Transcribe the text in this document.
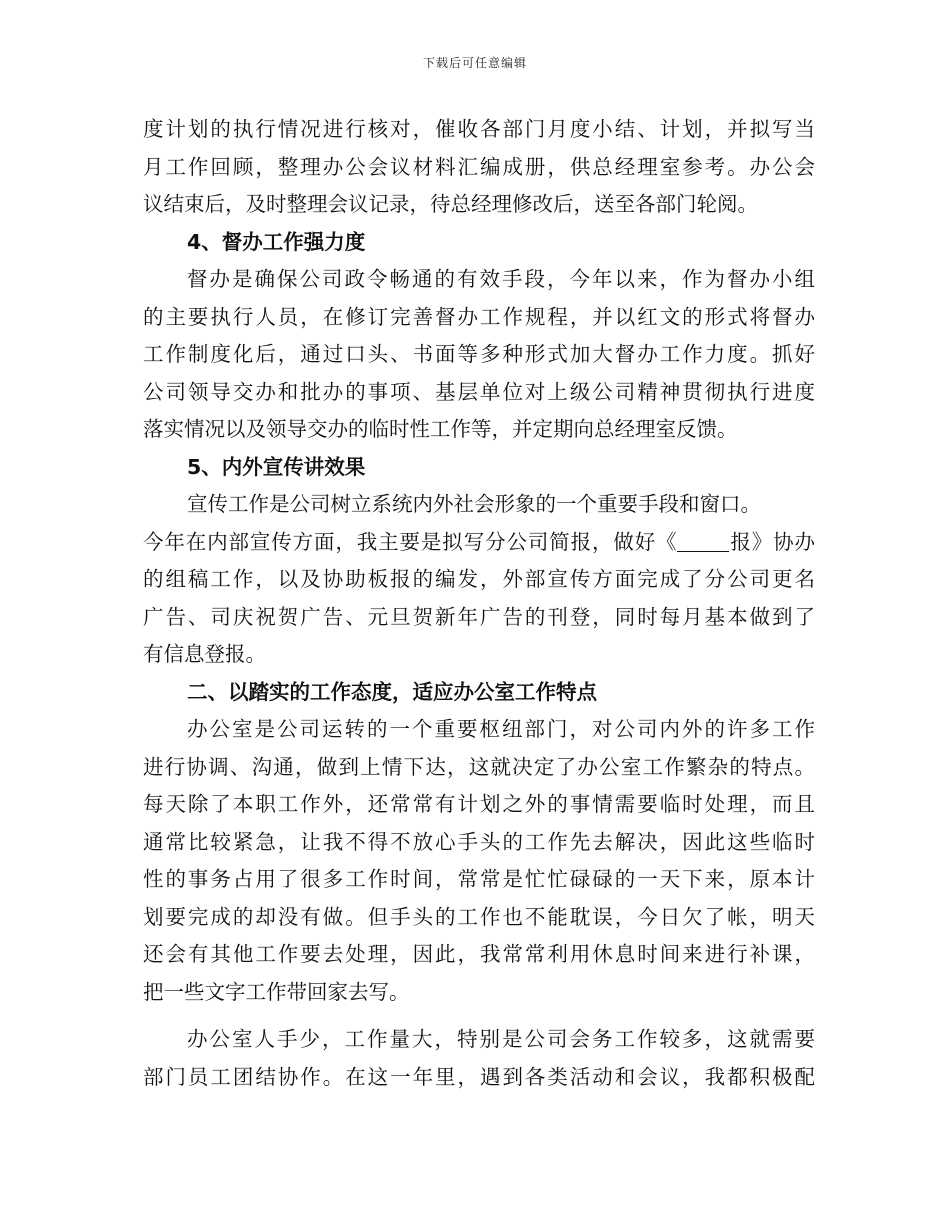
下载后可任意编辑
度计划的执行情况进行核对，催收各部门月度小结、计划，并拟写当
月工作回顾，整理办公会议材料汇编成册，供总经理室参考。办公会
议结束后，及时整理会议记录，待总经理修改后，送至各部门轮阅。
4、督办工作强力度
督办是确保公司政令畅通的有效手段，今年以来，作为督办小组
的主要执行人员，在修订完善督办工作规程，并以红文的形式将督办
工作制度化后，通过口头、书面等多种形式加大督办工作力度。抓好
公司领导交办和批办的事项、基层单位对上级公司精神贯彻执行进度
落实情况以及领导交办的临时性工作等，并定期向总经理室反馈。
5、内外宣传讲效果
宣传工作是公司树立系统内外社会形象的一个重要手段和窗口。
今年在内部宣传方面，我主要是拟写分公司简报，做好《	报》协办
的组稿工作，以及协助板报的编发，外部宣传方面完成了分公司更名
广告、司庆祝贺广告、元旦贺新年广告的刊登，同时每月基本做到了
有信息登报。
二、以踏实的工作态度，适应办公室工作特点
办公室是公司运转的一个重要枢纽部门，对公司内外的许多工作
进行协调、沟通，做到上情下达，这就决定了办公室工作繁杂的特点。
每天除了本职工作外，还常常有计划之外的事情需要临时处理，而且
通常比较紧急，让我不得不放心手头的工作先去解决，因此这些临时
性的事务占用了很多工作时间，常常是忙忙碌碌的一天下来，原本计
划要完成的却没有做。但手头的工作也不能耽误，今日欠了帐，明天
还会有其他工作要去处理，因此，我常常利用休息时间来进行补课，
把一些文字工作带回家去写。
办公室人手少，工作量大，特别是公司会务工作较多，这就需要
部门员工团结协作。在这一年里，遇到各类活动和会议，我都积极配
